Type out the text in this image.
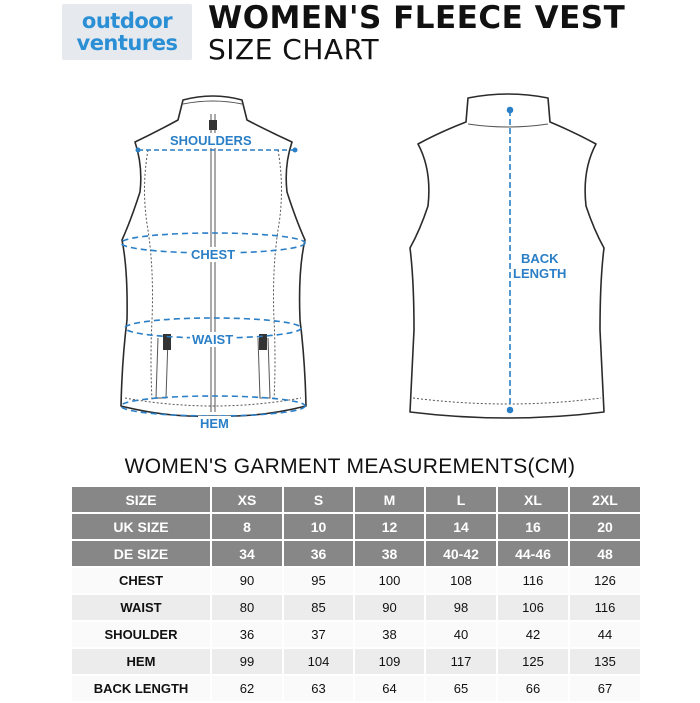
outdoor
ventures
WOMEN'S FLEECE VEST
SIZE CHART
SHOULDERS
CHEST
WAIST
HEM
BACK
LENGTH
WOMEN'S GARMENT MEASUREMENTS(CM)
SIZE	XS	S	M	L	XL	2XL
UK SIZE	8	10	12	14	16	20
DE SIZE	34	36	38	40-42	44-46	48
CHEST	90	95	100	108	116	126
WAIST	80	85	90	98	106	116
SHOULDER	36	37	38	40	42	44
HEM	99	104	109	117	125	135
BACK LENGTH	62	63	64	65	66	67
